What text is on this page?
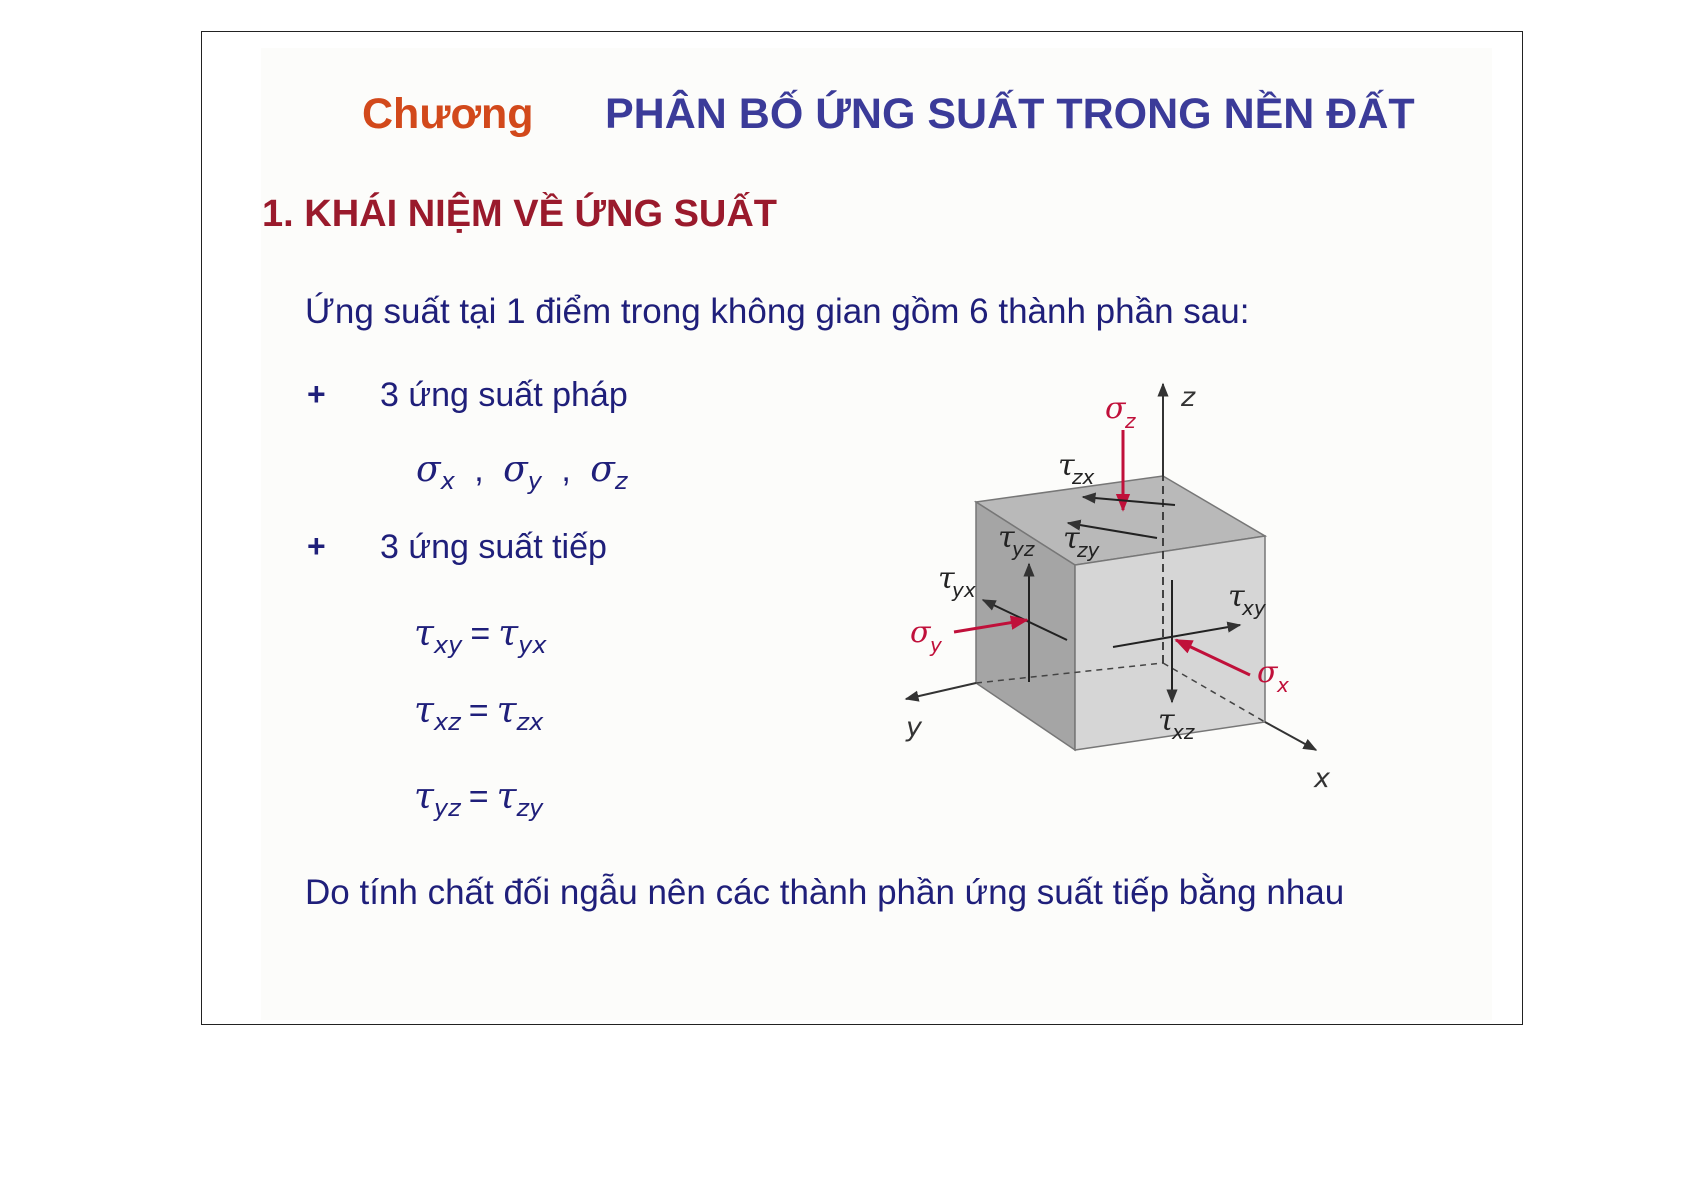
Chương PHÂN BỐ ỨNG SUẤT TRONG NỀN ĐẤT
1. KHÁI NIỆM VỀ ỨNG SUẤT
Ứng suất tại 1 điểm trong không gian gồm 6 thành phần sau:
+ 3 ứng suất pháp
$\sigma_x$ , $\sigma_y$ , $\sigma_z$
+ 3 ứng suất tiếp
$\tau_{xy} = \tau_{yx}$
$\tau_{xz} = \tau_{zx}$
$\tau_{yz} = \tau_{zy}$
Do tính chất đối ngẫu nên các thành phần ứng suất tiếp bằng nhau
z
y
x
σ z
τ
zx
τ
yz τ
zy
τ
yx
σ y
τ
xy
σ x
τ
xz
